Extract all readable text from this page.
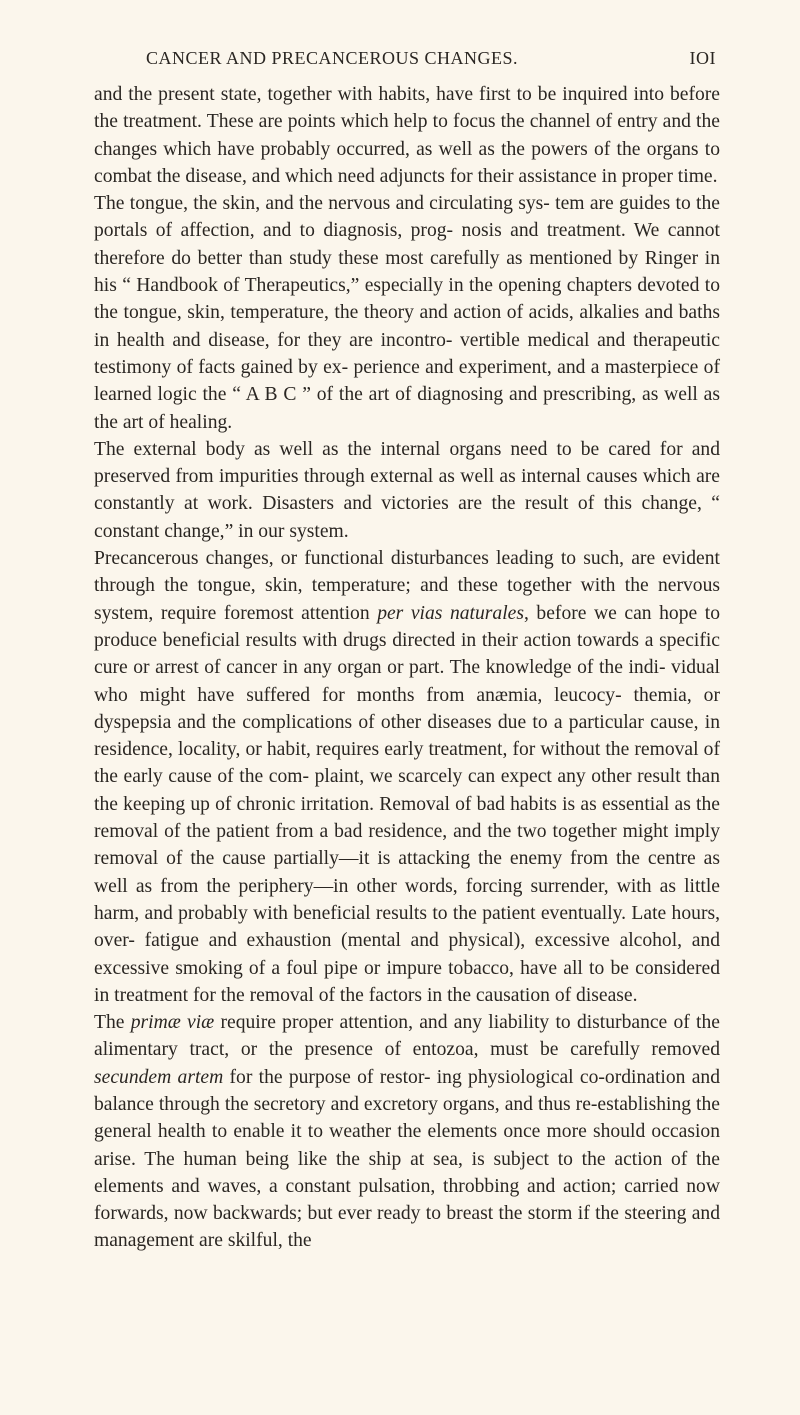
CANCER AND PRECANCEROUS CHANGES.	IOI

and the present state, together with habits, have first to be inquired into before the treatment. These are points which help to focus the channel of entry and the changes which have probably occurred, as well as the powers of the organs to combat the disease, and which need adjuncts for their assistance in proper time.

The tongue, the skin, and the nervous and circulating sys- tem are guides to the portals of affection, and to diagnosis, prog- nosis and treatment. We cannot therefore do better than study these most carefully as mentioned by Ringer in his “ Handbook of Therapeutics,” especially in the opening chapters devoted to the tongue, skin, temperature, the theory and action of acids, alkalies and baths in health and disease, for they are incontro- vertible medical and therapeutic testimony of facts gained by ex- perience and experiment, and a masterpiece of learned logic the “ A B C ” of the art of diagnosing and prescribing, as well as the art of healing.

The external body as well as the internal organs need to be cared for and preserved from impurities through external as well as internal causes which are constantly at work. Disasters and victories are the result of this change, “ constant change,” in our system.

Precancerous changes, or functional disturbances leading to such, are evident through the tongue, skin, temperature; and these together with the nervous system, require foremost attention per vias naturales, before we can hope to produce beneficial results with drugs directed in their action towards a specific cure or arrest of cancer in any organ or part. The knowledge of the indi- vidual who might have suffered for months from anæmia, leucocy- themia, or dyspepsia and the complications of other diseases due to a particular cause, in residence, locality, or habit, requires early treatment, for without the removal of the early cause of the com- plaint, we scarcely can expect any other result than the keeping up of chronic irritation. Removal of bad habits is as essential as the removal of the patient from a bad residence, and the two together might imply removal of the cause partially—it is attacking the enemy from the centre as well as from the periphery—in other words, forcing surrender, with as little harm, and probably with beneficial results to the patient eventually. Late hours, over- fatigue and exhaustion (mental and physical), excessive alcohol, and excessive smoking of a foul pipe or impure tobacco, have all to be considered in treatment for the removal of the factors in the causation of disease.

The primæ viæ require proper attention, and any liability to disturbance of the alimentary tract, or the presence of entozoa, must be carefully removed secundem artem for the purpose of restor- ing physiological co-ordination and balance through the secretory and excretory organs, and thus re-establishing the general health to enable it to weather the elements once more should occasion arise. The human being like the ship at sea, is subject to the action of the elements and waves, a constant pulsation, throbbing and action; carried now forwards, now backwards; but ever ready to breast the storm if the steering and management are skilful, the
